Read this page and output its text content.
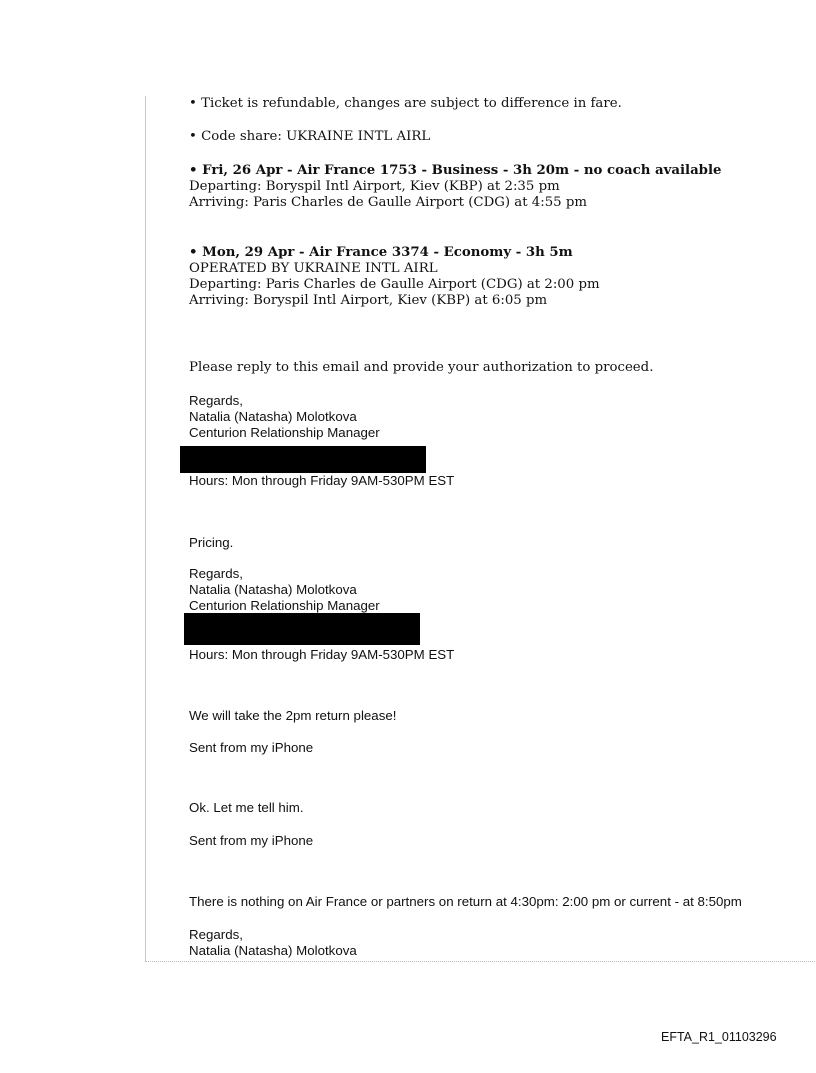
• Ticket is refundable, changes are subject to difference in fare.
• Code share: UKRAINE INTL AIRL
• Fri, 26 Apr - Air France 1753 - Business - 3h 20m - no coach available
Departing: Boryspil Intl Airport, Kiev (KBP) at 2:35 pm
Arriving: Paris Charles de Gaulle Airport (CDG) at 4:55 pm
• Mon, 29 Apr - Air France 3374 - Economy - 3h 5m
OPERATED BY UKRAINE INTL AIRL
Departing: Paris Charles de Gaulle Airport (CDG) at 2:00 pm
Arriving: Boryspil Intl Airport, Kiev (KBP) at 6:05 pm
Please reply to this email and provide your authorization to proceed.
Regards,
Natalia (Natasha) Molotkova
Centurion Relationship Manager
Hours: Mon through Friday 9AM-530PM EST
Pricing.
Regards,
Natalia (Natasha) Molotkova
Centurion Relationship Manager
Hours: Mon through Friday 9AM-530PM EST
We will take the 2pm return please!
Sent from my iPhone
Ok. Let me tell him.
Sent from my iPhone
There is nothing on Air France or partners on return at 4:30pm: 2:00 pm or current - at 8:50pm
Regards,
Natalia (Natasha) Molotkova
EFTA_R1_01103296
